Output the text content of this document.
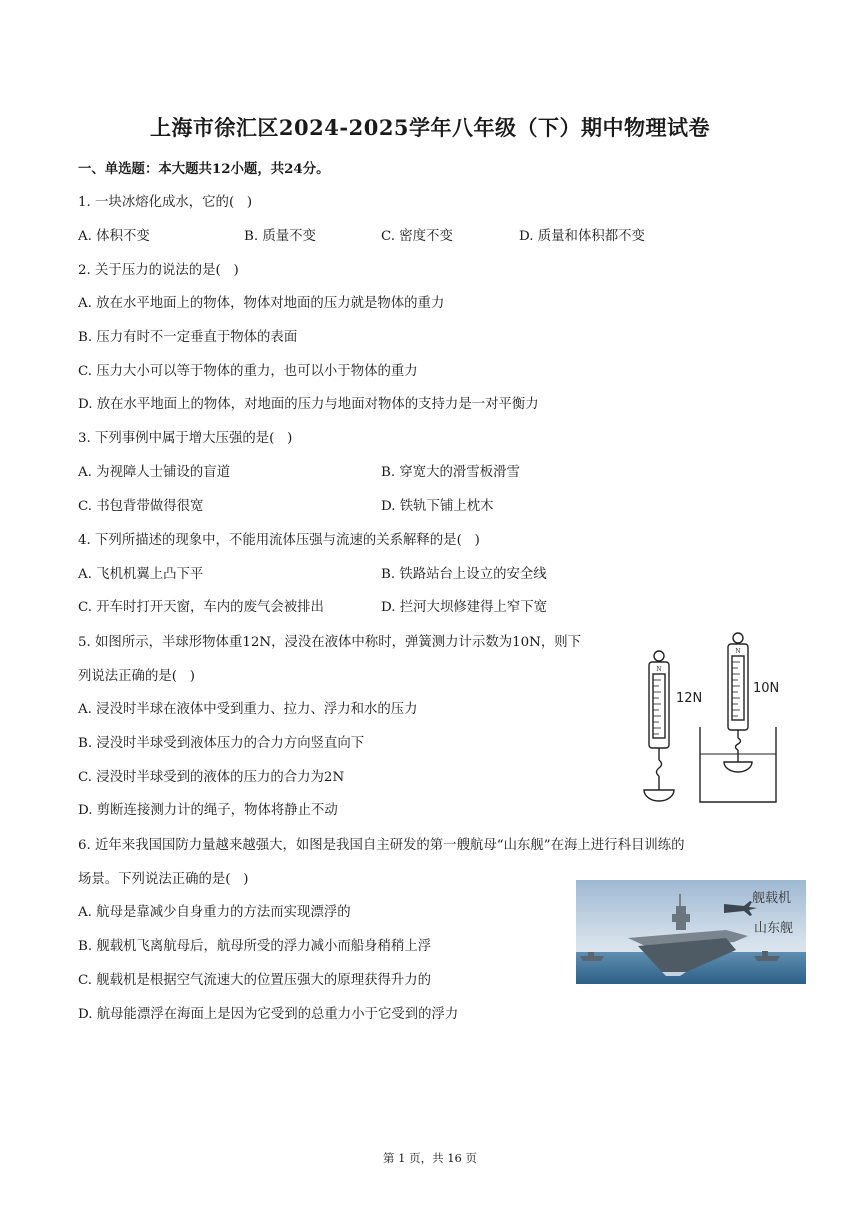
上海市徐汇区2024-2025学年八年级（下）期中物理试卷
一、单选题：本大题共12小题，共24分。
1. 一块冰熔化成水，它的(   )
A. 体积不变	B. 质量不变	C. 密度不变	D. 质量和体积都不变
2. 关于压力的说法的是(   )
A. 放在水平地面上的物体，物体对地面的压力就是物体的重力
B. 压力有时不一定垂直于物体的表面
C. 压力大小可以等于物体的重力，也可以小于物体的重力
D. 放在水平地面上的物体，对地面的压力与地面对物体的支持力是一对平衡力
3. 下列事例中属于增大压强的是(   )
A. 为视障人士铺设的盲道	B. 穿宽大的滑雪板滑雪
C. 书包背带做得很宽	D. 铁轨下铺上枕木
4. 下列所描述的现象中，不能用流体压强与流速的关系解释的是(   )
A. 飞机机翼上凸下平	B. 铁路站台上设立的安全线
C. 开车时打开天窗，车内的废气会被排出	D. 拦河大坝修建得上窄下宽
5. 如图所示，半球形物体重12N，浸没在液体中称时，弹簧测力计示数为10N，则下
列说法正确的是(   )
A. 浸没时半球在液体中受到重力、拉力、浮力和水的压力
B. 浸没时半球受到液体压力的合力方向竖直向下
C. 浸没时半球受到的液体的压力的合力为2N
D. 剪断连接测力计的绳子，物体将静止不动
N
12N
N
10N
6. 近年来我国国防力量越来越强大，如图是我国自主研发的第一艘航母“山东舰”在海上进行科目训练的
场景。下列说法正确的是(   )
A. 航母是靠减少自身重力的方法而实现漂浮的
B. 舰载机飞离航母后，航母所受的浮力减小而船身稍稍上浮
C. 舰载机是根据空气流速大的位置压强大的原理获得升力的
D. 航母能漂浮在海面上是因为它受到的总重力小于它受到的浮力
舰载机
山东舰
第 1 页，共 16 页
